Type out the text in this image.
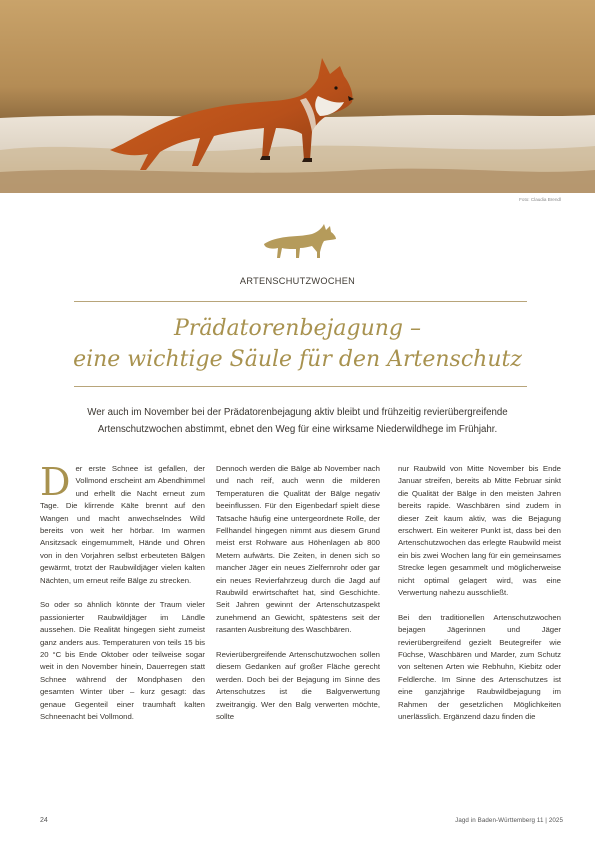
Foto: Claudia Brendl
ARTENSCHUTZWOCHEN
Prädatorenbejagung –
eine wichtige Säule für den Artenschutz
Wer auch im November bei der Prädatorenbejagung aktiv bleibt und frühzeitig revierübergreifende Artenschutzwochen abstimmt, ebnet den Weg für eine wirksame Niederwildhege im Frühjahr.

Der erste Schnee ist gefallen, der Vollmond erscheint am Abendhimmel und erhellt die Nacht erneut zum Tage. Die klirrende Kälte brennt auf den Wangen und macht anwechselndes Wild bereits von weit her hörbar. Im warmen Ansitzsack eingemummelt, Hände und Ohren von in den Vorjahren selbst erbeuteten Bälgen gewärmt, trotzt der Raubwildjäger vielen kalten Nächten, um erneut reife Bälge zu strecken.

So oder so ähnlich könnte der Traum vieler passionierter Raubwildjäger im Ländle aussehen. Die Realität hingegen sieht zumeist ganz anders aus. Temperaturen von teils 15 bis 20 °C bis Ende Oktober oder teilweise sogar weit in den November hinein, Dauerregen statt Schnee während der Mondphasen den gesamten Winter über – kurz gesagt: das genaue Gegenteil einer traumhaft kalten Schneenacht bei Vollmond.

Dennoch werden die Bälge ab November nach und nach reif, auch wenn die milderen Temperaturen die Qualität der Bälge negativ beeinflussen. Für den Eigenbedarf spielt diese Tatsache häufig eine untergeordnete Rolle, der Fellhandel hingegen nimmt aus diesem Grund meist erst Rohware aus Höhenlagen ab 800 Metern aufwärts. Die Zeiten, in denen sich so mancher Jäger ein neues Zielfernrohr oder gar ein neues Revierfahrzeug durch die Jagd auf Raubwild erwirtschaftet hat, sind Geschichte. Seit Jahren gewinnt der Artenschutzaspekt zunehmend an Gewicht, spätestens seit der rasanten Ausbreitung des Waschbären.

Revierübergreifende Artenschutzwochen sollen diesem Gedanken auf großer Fläche gerecht werden. Doch bei der Bejagung im Sinne des Artenschutzes ist die Balgverwertung zweitrangig. Wer den Balg verwerten möchte, sollte

nur Raubwild von Mitte November bis Ende Januar streifen, bereits ab Mitte Februar sinkt die Qualität der Bälge in den meisten Jahren bereits rapide. Waschbären sind zudem in dieser Zeit kaum aktiv, was die Bejagung erschwert. Ein weiterer Punkt ist, dass bei den Artenschutzwochen das erlegte Raubwild meist ein bis zwei Wochen lang für ein gemeinsames Strecke legen gesammelt und möglicherweise nicht optimal gelagert wird, was eine Verwertung nahezu ausschließt.

Bei den traditionellen Artenschutzwochen bejagen Jägerinnen und Jäger revierübergreifend gezielt Beutegreifer wie Füchse, Waschbären und Marder, zum Schutz von seltenen Arten wie Rebhuhn, Kiebitz oder Feldlerche. Im Sinne des Artenschutzes ist eine ganzjährige Raubwildbejagung im Rahmen der gesetzlichen Möglichkeiten unerlässlich. Ergänzend dazu finden die

24	Jagd in Baden-Württemberg 11 | 2025
